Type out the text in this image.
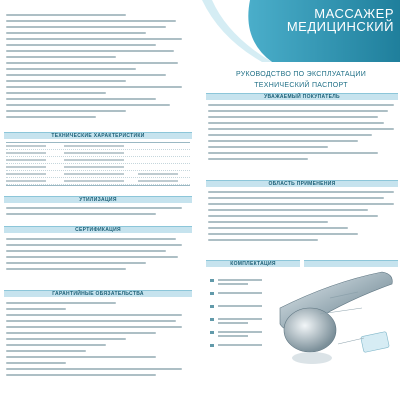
ТЕХНИЧЕСКИЕ ХАРАКТЕРИСТИКИ
УТИЛИЗАЦИЯ
СЕРТИФИКАЦИЯ
ГАРАНТИЙНЫЕ ОБЯЗАТЕЛЬСТВА
МАССАЖЕР
МЕДИЦИНСКИЙ
РУКОВОДСТВО ПО ЭКСПЛУАТАЦИИ
ТЕХНИЧЕСКИЙ ПАСПОРТ
УВАЖАЕМЫЙ ПОКУПАТЕЛЬ
ОБЛАСТЬ ПРИМЕНЕНИЯ
КОМПЛЕКТАЦИЯ
